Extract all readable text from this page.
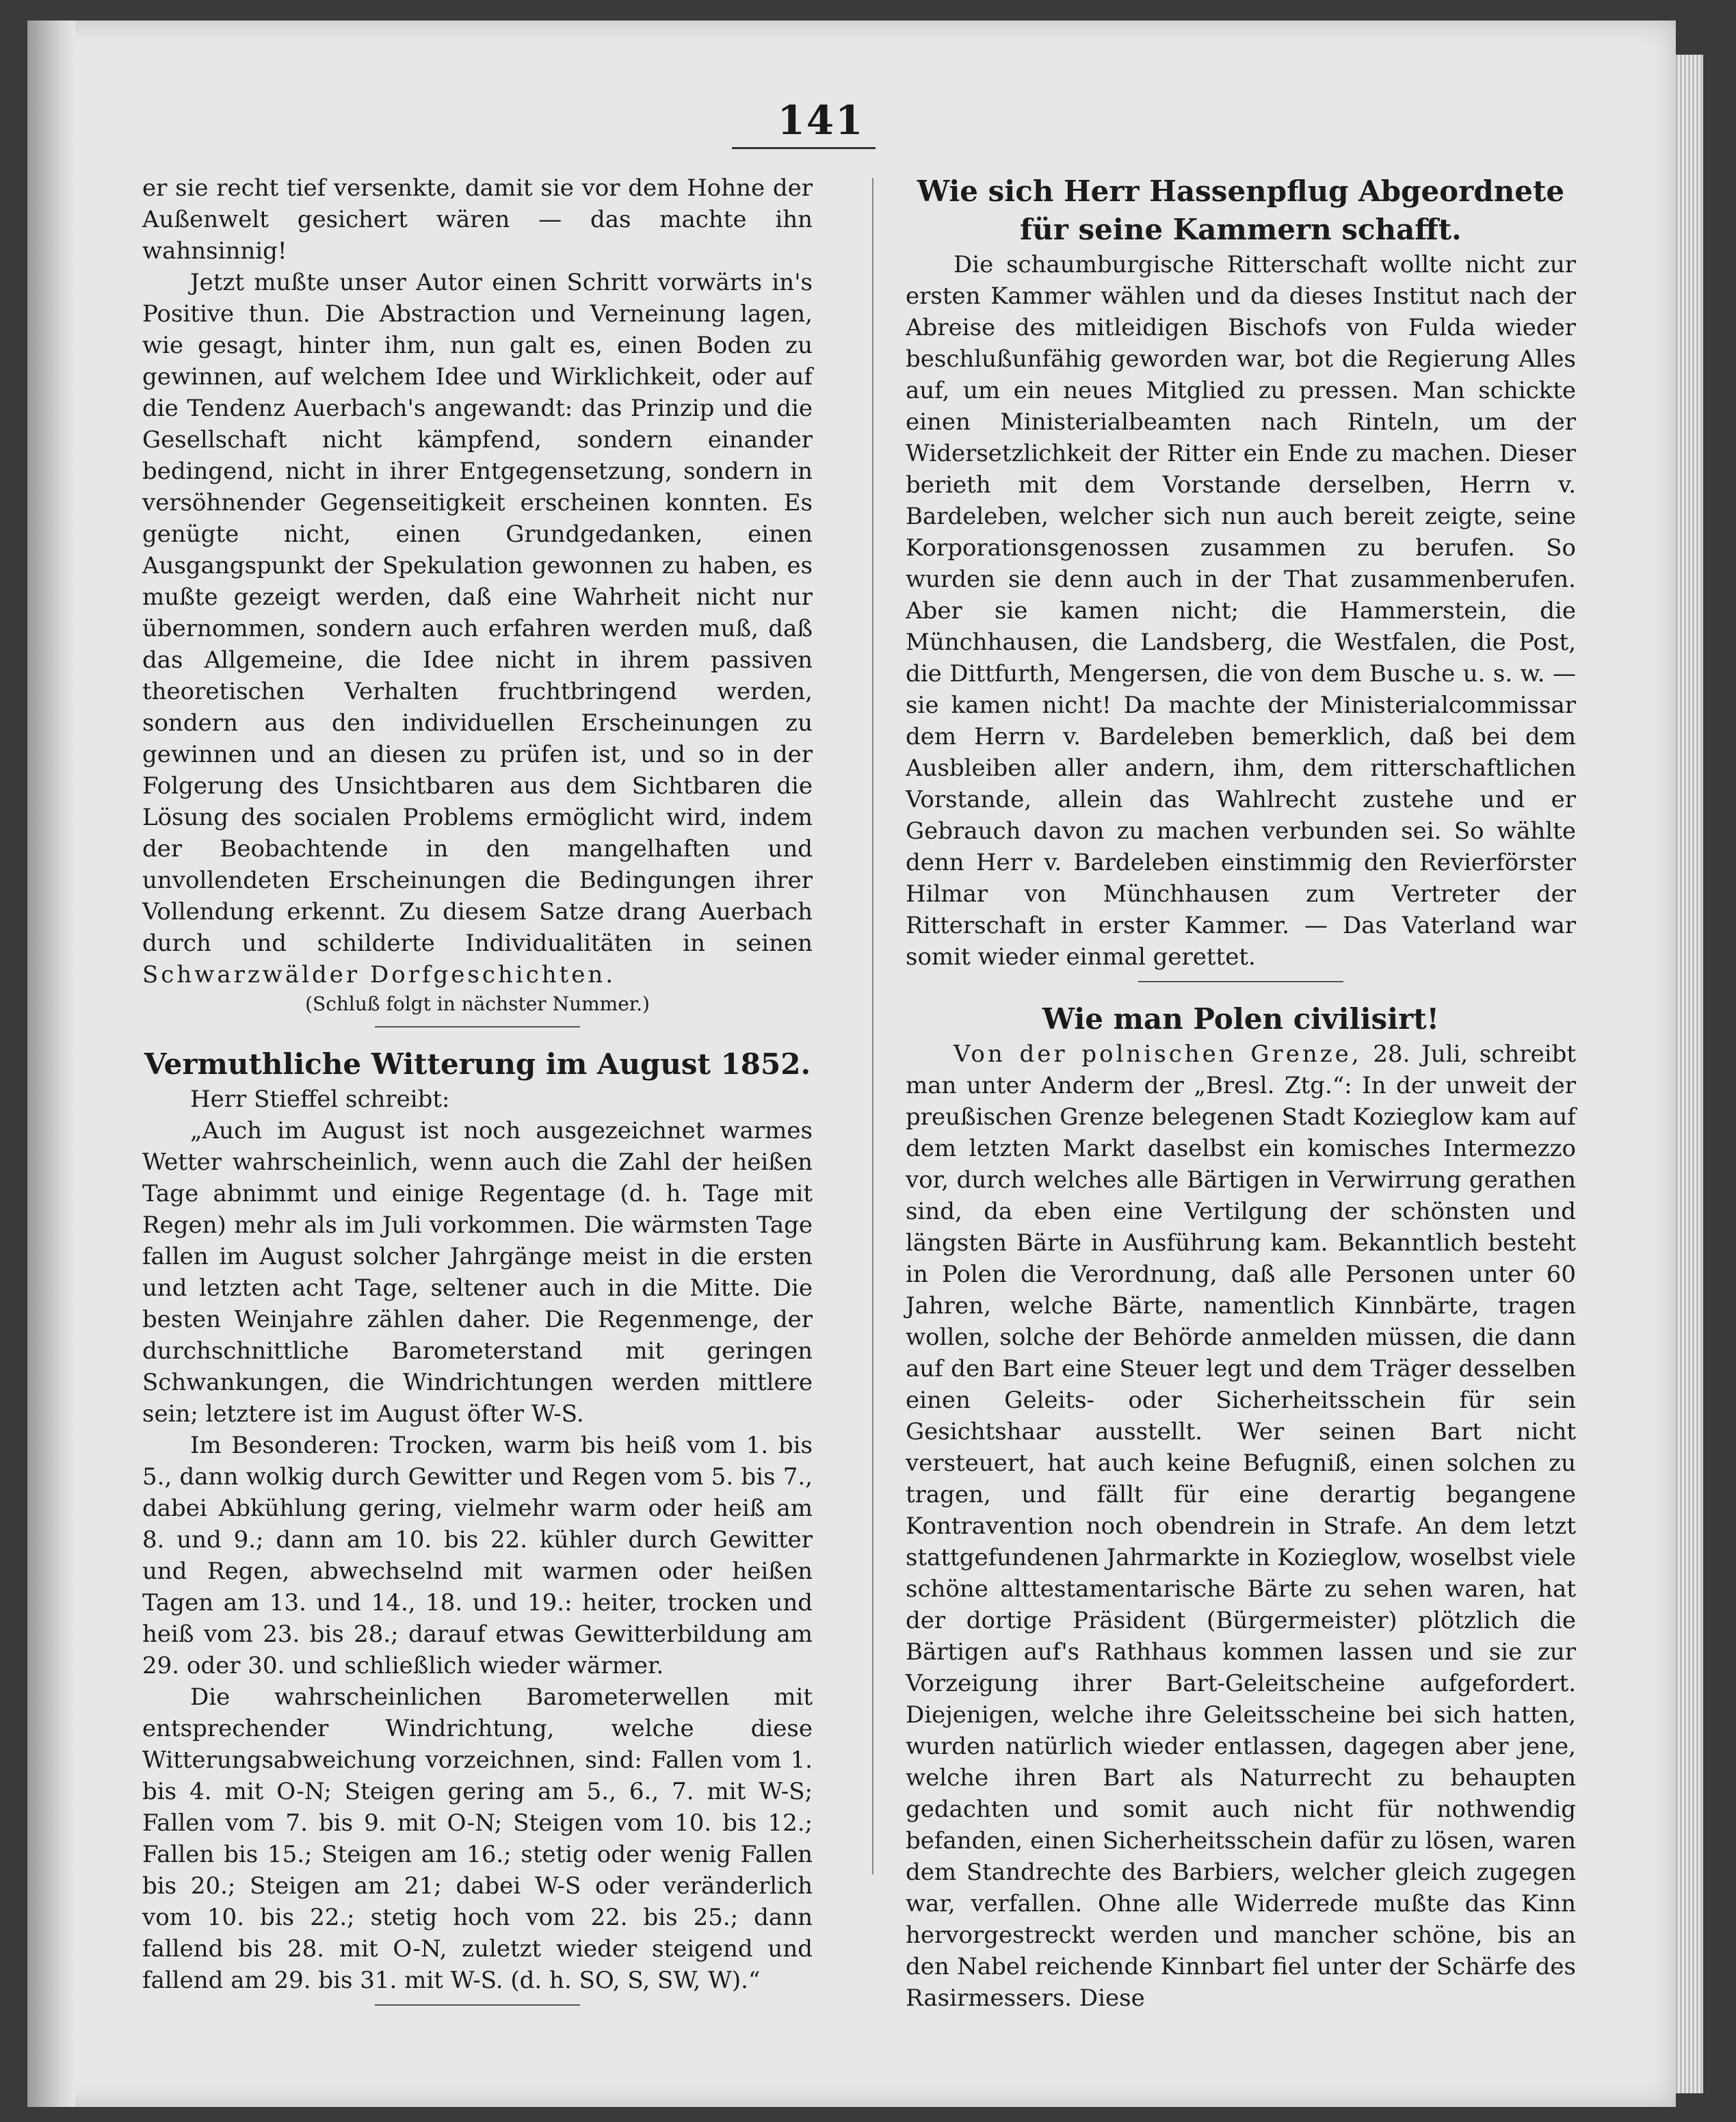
141

er sie recht tief versenkte, damit sie vor dem Hohne der Außenwelt gesichert wären — das machte ihn wahnsinnig!

Jetzt mußte unser Autor einen Schritt vorwärts in's Positive thun. Die Abstraction und Verneinung lagen, wie gesagt, hinter ihm, nun galt es, einen Boden zu gewinnen, auf welchem Idee und Wirklichkeit, oder auf die Tendenz Auerbach's angewandt: das Prinzip und die Gesellschaft nicht kämpfend, sondern einander bedingend, nicht in ihrer Entgegensetzung, sondern in versöhnender Gegenseitigkeit erscheinen konnten. Es genügte nicht, einen Grundgedanken, einen Ausgangspunkt der Spekulation gewonnen zu haben, es mußte gezeigt werden, daß eine Wahrheit nicht nur übernommen, sondern auch erfahren werden muß, daß das Allgemeine, die Idee nicht in ihrem passiven theoretischen Verhalten fruchtbringend werden, sondern aus den individuellen Erscheinungen zu gewinnen und an diesen zu prüfen ist, und so in der Folgerung des Unsichtbaren aus dem Sichtbaren die Lösung des socialen Problems ermöglicht wird, indem der Beobachtende in den mangelhaften und unvollendeten Erscheinungen die Bedingungen ihrer Vollendung erkennt. Zu diesem Satze drang Auerbach durch und schilderte Individualitäten in seinen Schwarzwälder Dorfgeschichten.

(Schluß folgt in nächster Nummer.)

Vermuthliche Witterung im August 1852.

Herr Stieffel schreibt:

„Auch im August ist noch ausgezeichnet warmes Wetter wahrscheinlich, wenn auch die Zahl der heißen Tage abnimmt und einige Regentage (d. h. Tage mit Regen) mehr als im Juli vorkommen. Die wärmsten Tage fallen im August solcher Jahrgänge meist in die ersten und letzten acht Tage, seltener auch in die Mitte. Die besten Weinjahre zählen daher. Die Regenmenge, der durchschnittliche Barometerstand mit geringen Schwankungen, die Windrichtungen werden mittlere sein; letztere ist im August öfter W-S.

Im Besonderen: Trocken, warm bis heiß vom 1. bis 5., dann wolkig durch Gewitter und Regen vom 5. bis 7., dabei Abkühlung gering, vielmehr warm oder heiß am 8. und 9.; dann am 10. bis 22. kühler durch Gewitter und Regen, abwechselnd mit warmen oder heißen Tagen am 13. und 14., 18. und 19.: heiter, trocken und heiß vom 23. bis 28.; darauf etwas Gewitterbildung am 29. oder 30. und schließlich wieder wärmer.

Die wahrscheinlichen Barometerwellen mit entsprechender Windrichtung, welche diese Witterungsabweichung vorzeichnen, sind: Fallen vom 1. bis 4. mit O-N; Steigen gering am 5., 6., 7. mit W-S; Fallen vom 7. bis 9. mit O-N; Steigen vom 10. bis 12.; Fallen bis 15.; Steigen am 16.; stetig oder wenig Fallen bis 20.; Steigen am 21; dabei W-S oder veränderlich vom 10. bis 22.; stetig hoch vom 22. bis 25.; dann fallend bis 28. mit O-N, zuletzt wieder steigend und fallend am 29. bis 31. mit W-S. (d. h. SO, S, SW, W).“

Wie sich Herr Hassenpflug Abgeordnete für seine Kammern schafft.

Die schaumburgische Ritterschaft wollte nicht zur ersten Kammer wählen und da dieses Institut nach der Abreise des mitleidigen Bischofs von Fulda wieder beschlußunfähig geworden war, bot die Regierung Alles auf, um ein neues Mitglied zu pressen. Man schickte einen Ministerialbeamten nach Rinteln, um der Widersetzlichkeit der Ritter ein Ende zu machen. Dieser berieth mit dem Vorstande derselben, Herrn v. Bardeleben, welcher sich nun auch bereit zeigte, seine Korporationsgenossen zusammen zu berufen. So wurden sie denn auch in der That zusammenberufen. Aber sie kamen nicht; die Hammerstein, die Münchhausen, die Landsberg, die Westfalen, die Post, die Dittfurth, Mengersen, die von dem Busche u. s. w. — sie kamen nicht! Da machte der Ministerialcommissar dem Herrn v. Bardeleben bemerklich, daß bei dem Ausbleiben aller andern, ihm, dem ritterschaftlichen Vorstande, allein das Wahlrecht zustehe und er Gebrauch davon zu machen verbunden sei. So wählte denn Herr v. Bardeleben einstimmig den Revierförster Hilmar von Münchhausen zum Vertreter der Ritterschaft in erster Kammer. — Das Vaterland war somit wieder einmal gerettet.

Wie man Polen civilisirt!

Von der polnischen Grenze, 28. Juli, schreibt man unter Anderm der „Bresl. Ztg.“: In der unweit der preußischen Grenze belegenen Stadt Kozieglow kam auf dem letzten Markt daselbst ein komisches Intermezzo vor, durch welches alle Bärtigen in Verwirrung gerathen sind, da eben eine Vertilgung der schönsten und längsten Bärte in Ausführung kam. Bekanntlich besteht in Polen die Verordnung, daß alle Personen unter 60 Jahren, welche Bärte, namentlich Kinnbärte, tragen wollen, solche der Behörde anmelden müssen, die dann auf den Bart eine Steuer legt und dem Träger desselben einen Geleits- oder Sicherheitsschein für sein Gesichtshaar ausstellt. Wer seinen Bart nicht versteuert, hat auch keine Befugniß, einen solchen zu tragen, und fällt für eine derartig begangene Kontravention noch obendrein in Strafe. An dem letzt stattgefundenen Jahrmarkte in Kozieglow, woselbst viele schöne alttestamentarische Bärte zu sehen waren, hat der dortige Präsident (Bürgermeister) plötzlich die Bärtigen auf's Rathhaus kommen lassen und sie zur Vorzeigung ihrer Bart-Geleitscheine aufgefordert. Diejenigen, welche ihre Geleitsscheine bei sich hatten, wurden natürlich wieder entlassen, dagegen aber jene, welche ihren Bart als Naturrecht zu behaupten gedachten und somit auch nicht für nothwendig befanden, einen Sicherheitsschein dafür zu lösen, waren dem Standrechte des Barbiers, welcher gleich zugegen war, verfallen. Ohne alle Widerrede mußte das Kinn hervorgestreckt werden und mancher schöne, bis an den Nabel reichende Kinnbart fiel unter der Schärfe des Rasirmessers. Diese
